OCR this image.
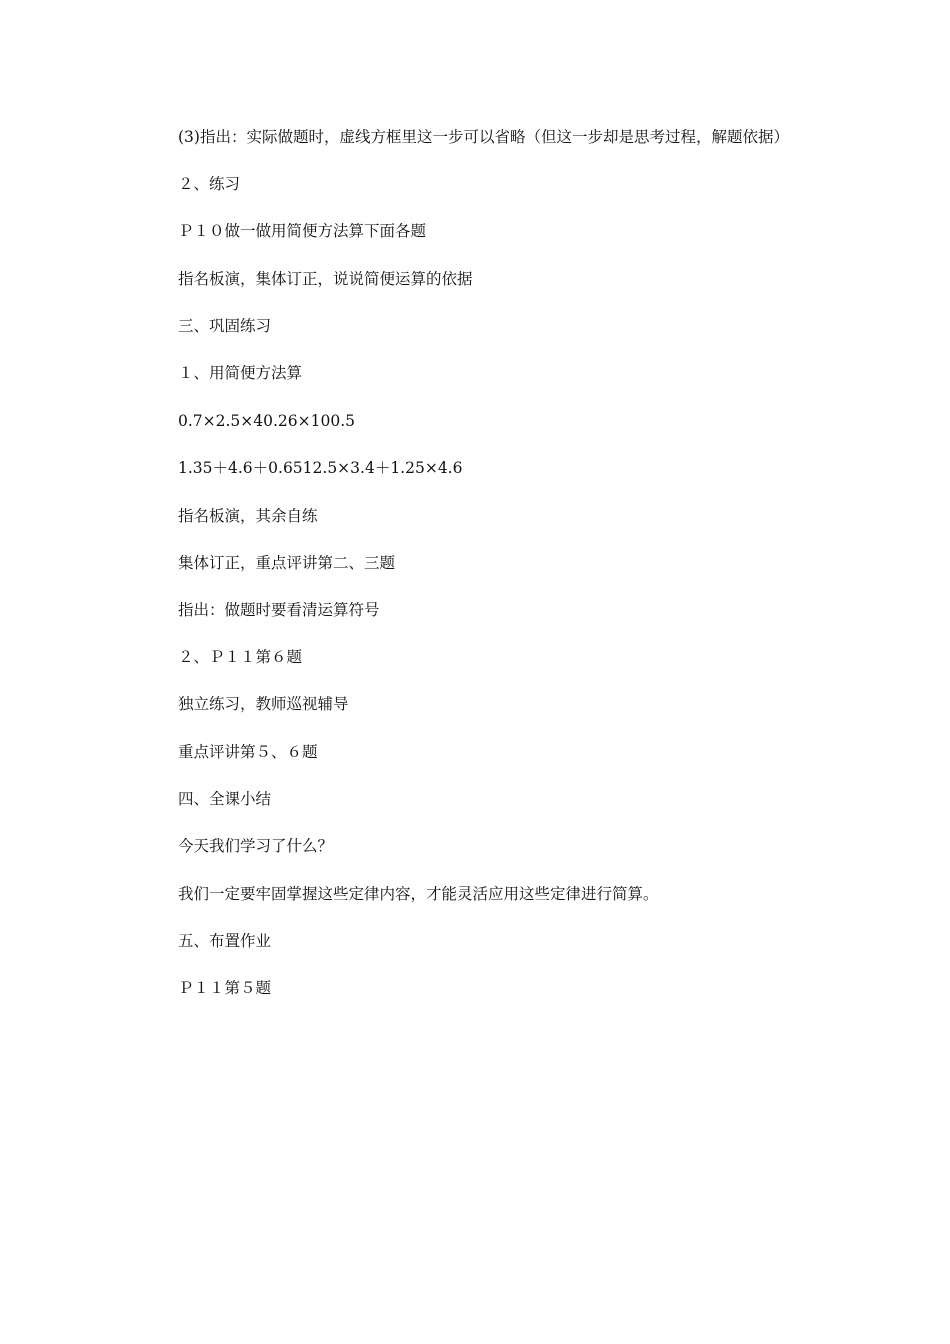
(3)指出：实际做题时，虚线方框里这一步可以省略（但这一步却是思考过程，解题依据）

２、练习

Ｐ１０做一做用简便方法算下面各题

指名板演，集体订正，说说简便运算的依据

三、巩固练习

１、用简便方法算

0.7×2.5×40.26×100.5

1.35＋4.6＋0.6512.5×3.4＋1.25×4.6

指名板演，其余自练

集体订正，重点评讲第二、三题

指出：做题时要看清运算符号

２、Ｐ１１第６题

独立练习，教师巡视辅导

重点评讲第５、６题

四、全课小结

今天我们学习了什么？

我们一定要牢固掌握这些定律内容，才能灵活应用这些定律进行简算。

五、布置作业

Ｐ１１第５题
